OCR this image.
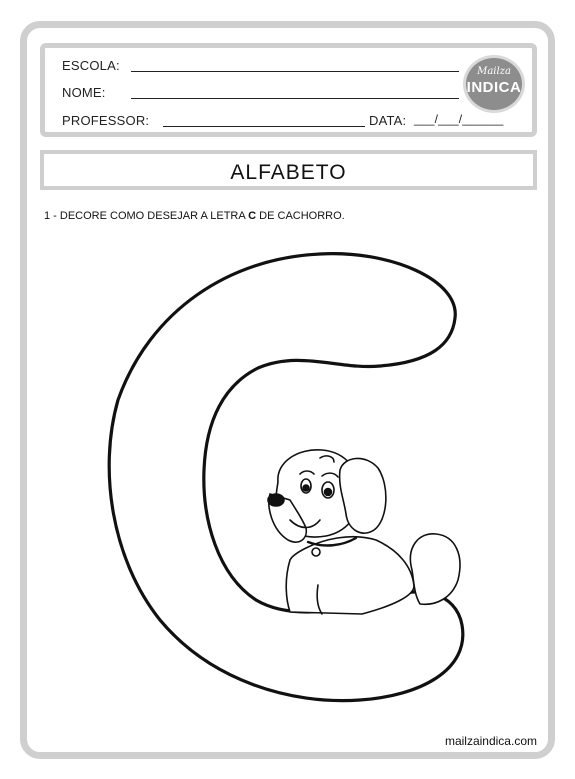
ESCOLA:
NOME:
PROFESSOR:	DATA: ___/___/______
Mailza
INDICA
ALFABETO
1 - DECORE COMO DESEJAR A LETRA C DE CACHORRO.
mailzaindica.com
